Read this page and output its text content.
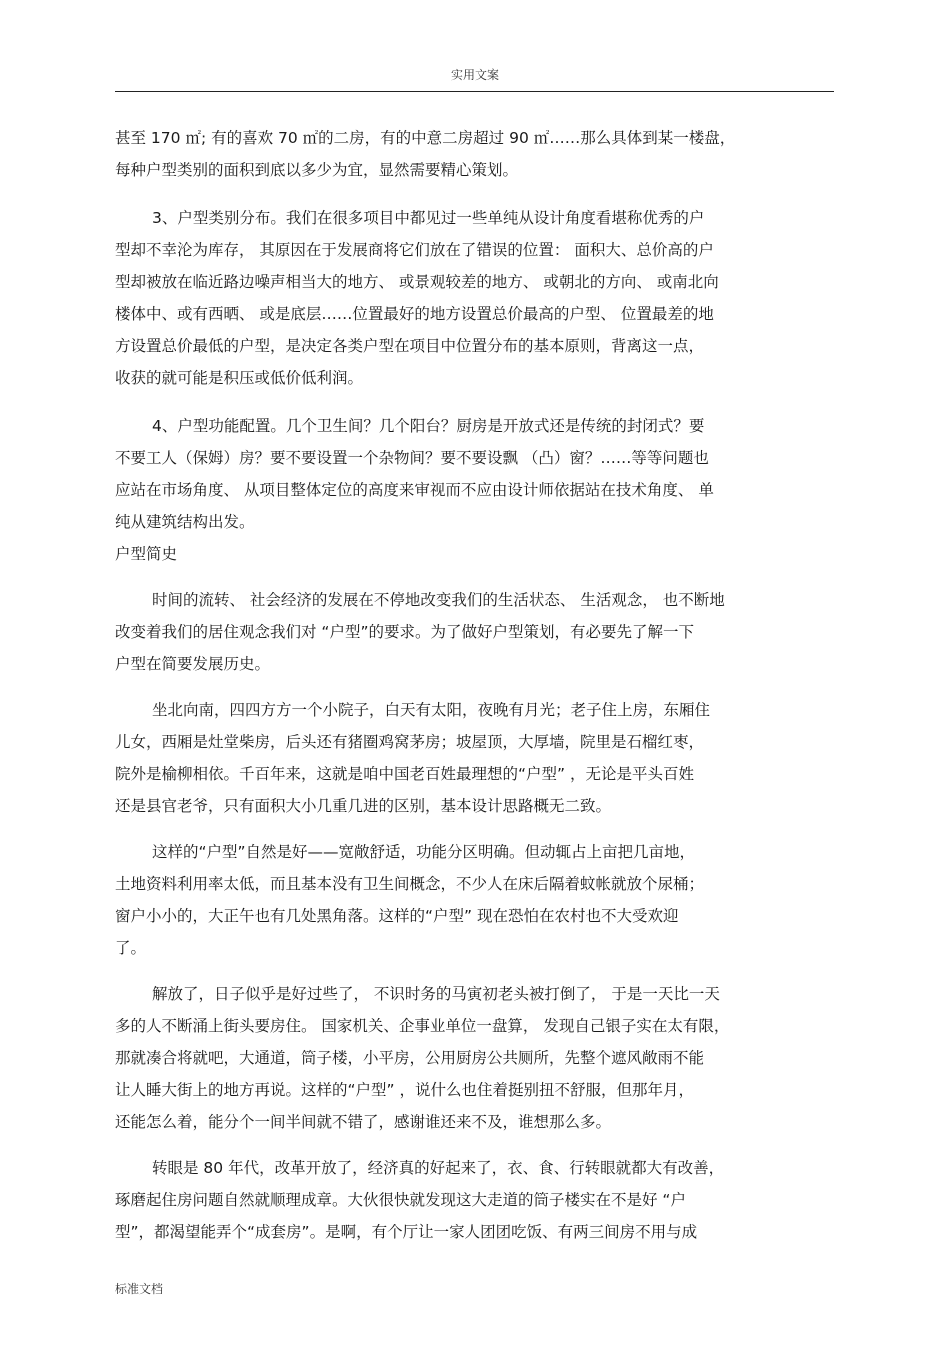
实用文案
甚至 170 ㎡; 有的喜欢 70 ㎡的二房，有的中意二房超过 90 ㎡……那么具体到某一楼盘，
每种户型类别的面积到底以多少为宜，显然需要精心策划。
3、户型类别分布。我们在很多项目中都见过一些单纯从设计角度看堪称优秀的户
型却不幸沦为库存， 其原因在于发展商将它们放在了错误的位置： 面积大、总价高的户
型却被放在临近路边噪声相当大的地方、 或景观较差的地方、 或朝北的方向、 或南北向
楼体中、或有西晒、 或是底层……位置最好的地方设置总价最高的户型、 位置最差的地
方设置总价最低的户型，是决定各类户型在项目中位置分布的基本原则，背离这一点，
收获的就可能是积压或低价低利润。
4、户型功能配置。几个卫生间？几个阳台？厨房是开放式还是传统的封闭式？要
不要工人（保姆）房？要不要设置一个杂物间？要不要设飘 （凸）窗？……等等问题也
应站在市场角度、 从项目整体定位的高度来审视而不应由设计师依据站在技术角度、 单
纯从建筑结构出发。
户型简史
时间的流转、 社会经济的发展在不停地改变我们的生活状态、 生活观念， 也不断地
改变着我们的居住观念我们对 “户型”的要求。为了做好户型策划，有必要先了解一下
户型在简要发展历史。
坐北向南，四四方方一个小院子，白天有太阳，夜晚有月光；老子住上房，东厢住
儿女，西厢是灶堂柴房，后头还有猪圈鸡窝茅房；坡屋顶，大厚墙，院里是石榴红枣，
院外是榆柳相依。千百年来，这就是咱中国老百姓最理想的“户型” ，无论是平头百姓
还是县官老爷，只有面积大小几重几进的区别，基本设计思路概无二致。
这样的“户型”自然是好——宽敞舒适，功能分区明确。但动辄占上亩把几亩地，
土地资料利用率太低，而且基本没有卫生间概念，不少人在床后隔着蚊帐就放个尿桶；
窗户小小的，大正午也有几处黑角落。这样的“户型” 现在恐怕在农村也不大受欢迎
了。
解放了，日子似乎是好过些了， 不识时务的马寅初老头被打倒了， 于是一天比一天
多的人不断涌上街头要房住。 国家机关、企事业单位一盘算， 发现自己银子实在太有限，
那就凑合将就吧，大通道，筒子楼，小平房，公用厨房公共厕所，先整个遮风敞雨不能
让人睡大街上的地方再说。这样的“户型” ，说什么也住着挺别扭不舒服，但那年月，
还能怎么着，能分个一间半间就不错了，感谢谁还来不及，谁想那么多。
转眼是 80 年代，改革开放了，经济真的好起来了，衣、食、行转眼就都大有改善，
琢磨起住房问题自然就顺理成章。大伙很快就发现这大走道的筒子楼实在不是好 “户
型”，都渴望能弄个“成套房”。是啊，有个厅让一家人团团吃饭、有两三间房不用与成
标准文档
